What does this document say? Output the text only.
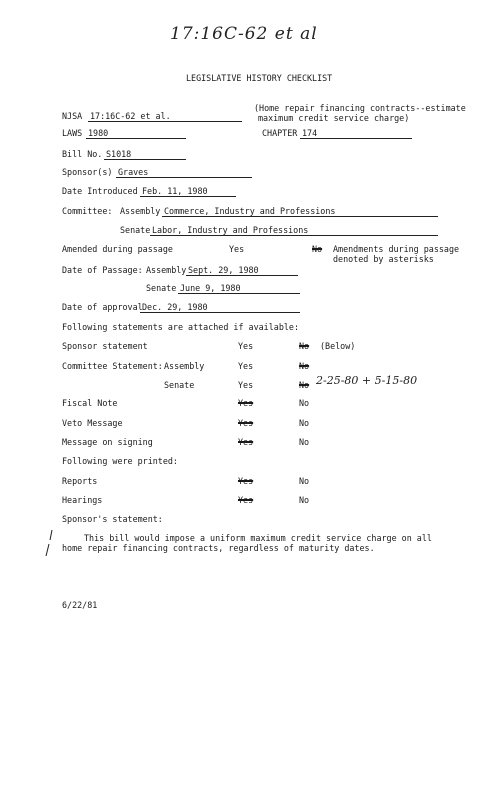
17:16C-62 et al
LEGISLATIVE HISTORY CHECKLIST
NJSA 17:16C-62 et al.
(Home repair financing contracts--estimate
maximum credit service charge)
LAWS 1980	CHAPTER 174
Bill No. S1018
Sponsor(s) Graves
Date Introduced Feb. 11, 1980
Committee: Assembly Commerce, Industry and Professions
Senate Labor, Industry and Professions
Amended during passage	Yes	No Amendments during passage
denoted by asterisks
Date of Passage: Assembly Sept. 29, 1980
Senate June 9, 1980
Date of approval Dec. 29, 1980
Following statements are attached if available:
Sponsor statement	Yes	No (Below)
Committee Statement: Assembly	Yes	No
Senate	Yes	No 2-25-80 + 5-15-80
Fiscal Note	Yes	No
Veto Message	Yes	No
Message on signing	Yes	No
Following were printed:
Reports	Yes	No
Hearings	Yes	No
Sponsor's statement:
This bill would impose a uniform maximum credit service charge on all
home repair financing contracts, regardless of maturity dates.
6/22/81
